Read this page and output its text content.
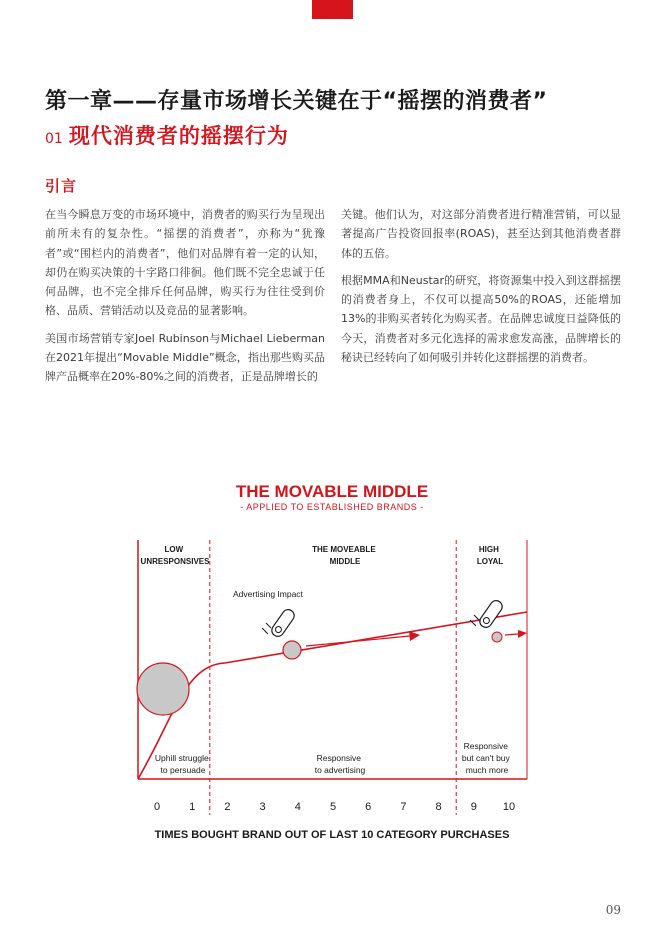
第一章——存量市场增长关键在于“摇摆的消费者”
01 现代消费者的摇摆行为
引言

在当今瞬息万变的市场环境中，消费者的购买行为呈现出前所未有的复杂性。“摇摆的消费者”，亦称为“犹豫者”或“围栏内的消费者”，他们对品牌有着一定的认知，却仍在购买决策的十字路口徘徊。他们既不完全忠诚于任何品牌，也不完全排斥任何品牌，购买行为往往受到价格、品质、营销活动以及竞品的显著影响。

美国市场营销专家Joel Rubinson与Michael Lieberman在2021年提出“Movable Middle”概念，指出那些购买品牌产品概率在20%-80%之间的消费者，正是品牌增长的

关键。他们认为，对这部分消费者进行精准营销，可以显著提高广告投资回报率(ROAS)，甚至达到其他消费者群体的五倍。

根据MMA和Neustar的研究，将资源集中投入到这群摇摆的消费者身上，不仅可以提高50%的ROAS，还能增加13%的非购买者转化为购买者。在品牌忠诚度日益降低的今天，消费者对多元化选择的需求愈发高涨，品牌增长的秘诀已经转向了如何吸引并转化这群摇摆的消费者。

THE MOVABLE MIDDLE
- APPLIED TO ESTABLISHED BRANDS -
LOW UNRESPONSIVES
THE MOVEABLE MIDDLE
HIGH LOYAL
Advertising Impact
Uphill struggle to persuade
Responsive to advertising
Responsive but can't buy much more
0	1	2	3	4	5	6	7	8	9 10
TIMES BOUGHT BRAND OUT OF LAST 10 CATEGORY PURCHASES
09
